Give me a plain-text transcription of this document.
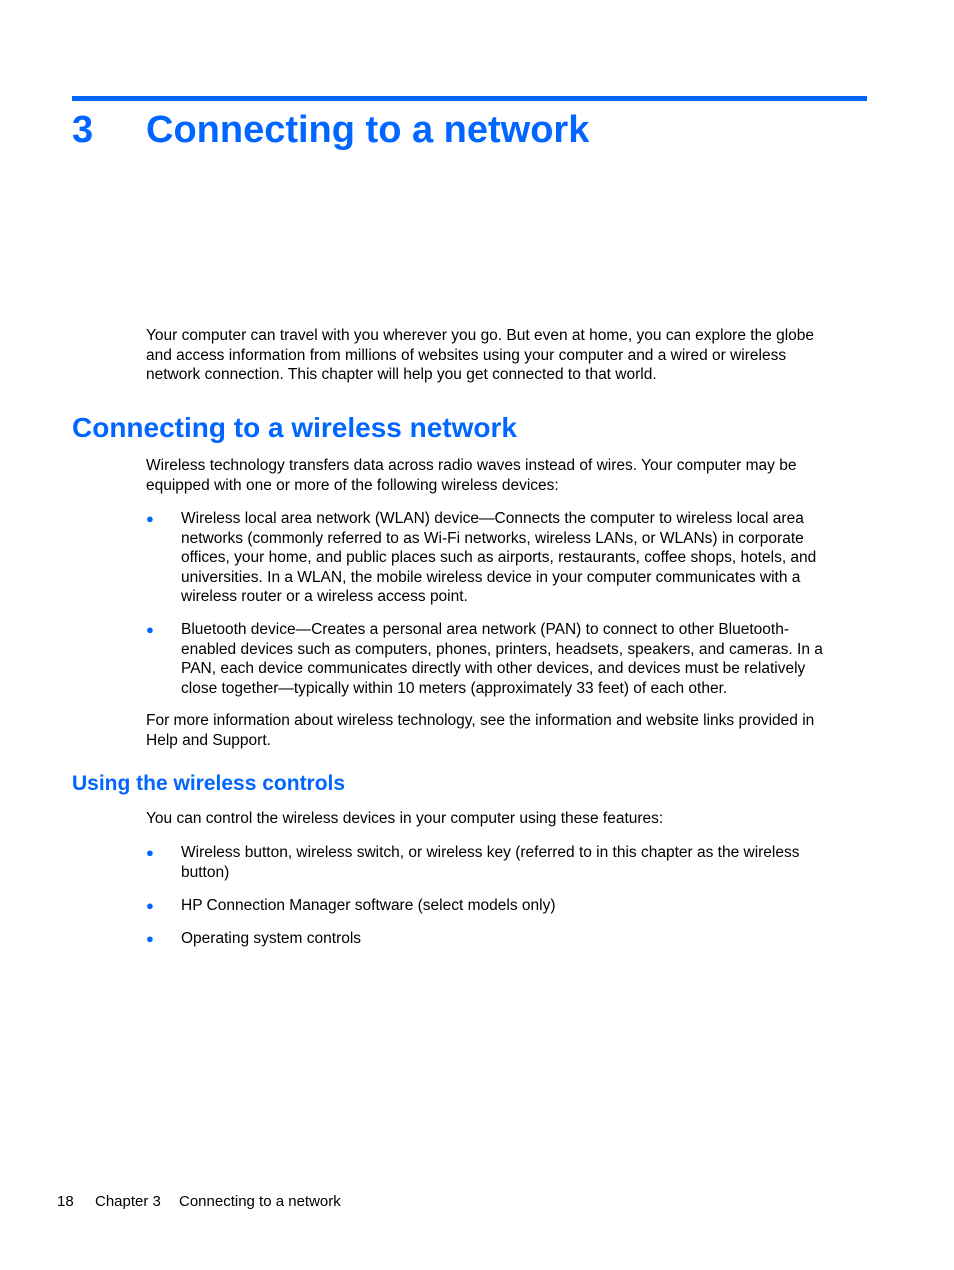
3 Connecting to a network

Your computer can travel with you wherever you go. But even at home, you can explore the globe
and access information from millions of websites using your computer and a wired or wireless
network connection. This chapter will help you get connected to that world.

Connecting to a wireless network

Wireless technology transfers data across radio waves instead of wires. Your computer may be
equipped with one or more of the following wireless devices:

● Wireless local area network (WLAN) device—Connects the computer to wireless local area
networks (commonly referred to as Wi-Fi networks, wireless LANs, or WLANs) in corporate
offices, your home, and public places such as airports, restaurants, coffee shops, hotels, and
universities. In a WLAN, the mobile wireless device in your computer communicates with a
wireless router or a wireless access point.

● Bluetooth device—Creates a personal area network (PAN) to connect to other Bluetooth-
enabled devices such as computers, phones, printers, headsets, speakers, and cameras. In a
PAN, each device communicates directly with other devices, and devices must be relatively
close together—typically within 10 meters (approximately 33 feet) of each other.

For more information about wireless technology, see the information and website links provided in
Help and Support.

Using the wireless controls

You can control the wireless devices in your computer using these features:

● Wireless button, wireless switch, or wireless key (referred to in this chapter as the wireless
button)

● HP Connection Manager software (select models only)

● Operating system controls

18 Chapter 3 Connecting to a network
